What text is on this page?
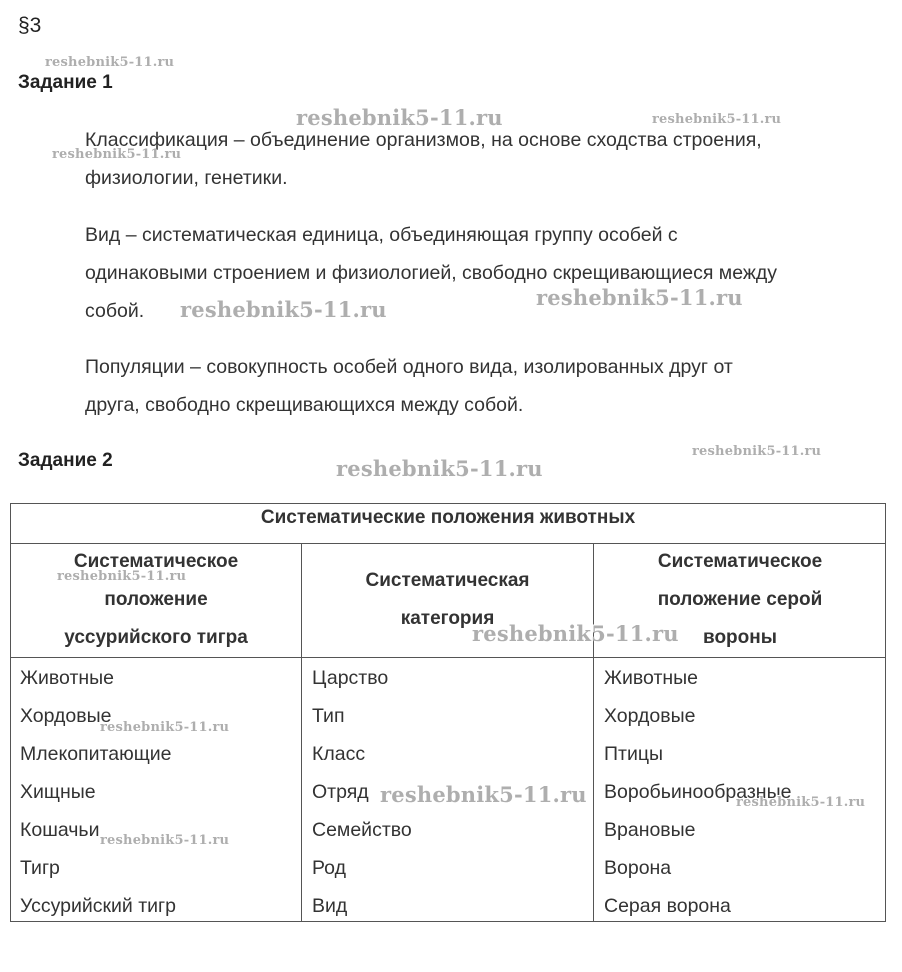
§3
Задание 1
Классификация – объединение организмов, на основе сходства строения,
физиологии, генетики.
Вид – систематическая единица, объединяющая группу особей с
одинаковыми строением и физиологией, свободно скрещивающиеся между
собой.
Популяции – совокупность особей одного вида, изолированных друг от
друга, свободно скрещивающихся между собой.
Задание 2
Систематические положения животных
Систематическое
положение
уссурийского тигра
Систематическая
категория
Систематическое
положение серой
вороны
Животные
Хордовые
Млекопитающие
Хищные
Кошачьи
Тигр
Уссурийский тигр
Царство
Тип
Класс
Отряд
Семейство
Род
Вид
Животные
Хордовые
Птицы
Воробьинообразные
Врановые
Ворона
Серая ворона
reshebnik5-11.ru
reshebnik5-11.ru	reshebnik5-11.ru
reshebnik5-11.ru
reshebnik5-11.ru
reshebnik5-11.ru
reshebnik5-11.ru
reshebnik5-11.ru
reshebnik5-11.ru
reshebnik5-11.ru
reshebnik5-11.ru
reshebnik5-11.ru	reshebnik5-11.ru
reshebnik5-11.ru
